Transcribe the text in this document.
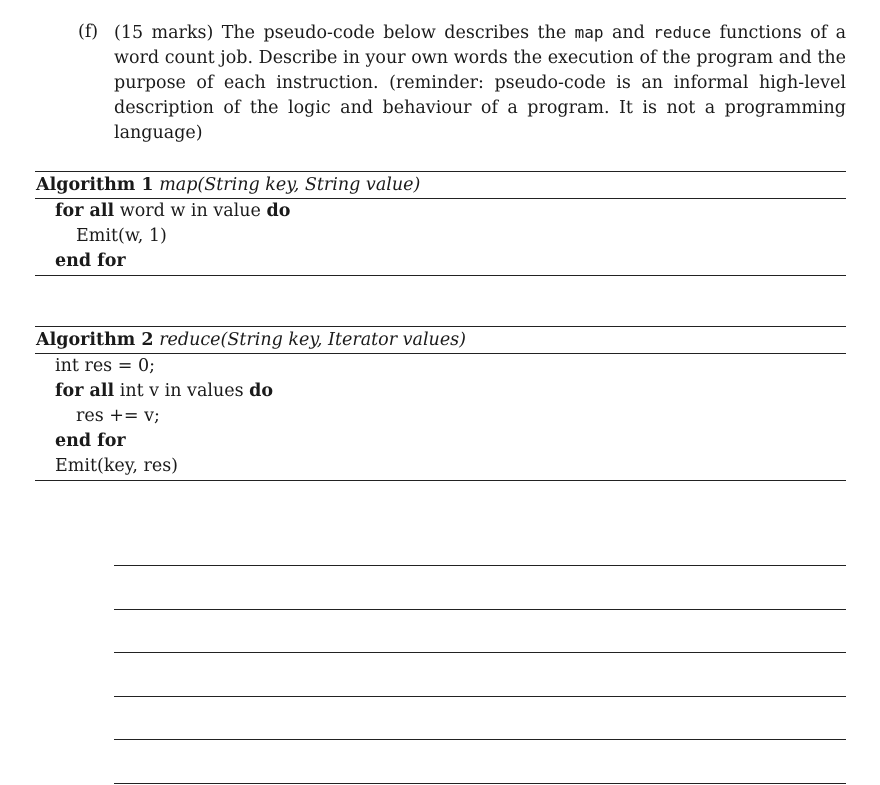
(f) (15 marks) The pseudo-code below describes the map and reduce functions of a word count job. Describe in your own words the execution of the program and the purpose of each instruction. (reminder: pseudo-code is an informal high-level description of the logic and behaviour of a program. It is not a programming language)
Algorithm 1 map(String key, String value)
for all word w in value do
Emit(w, 1)
end for
Algorithm 2 reduce(String key, Iterator values)
int res = 0;
for all int v in values do
res += v;
end for
Emit(key, res)
